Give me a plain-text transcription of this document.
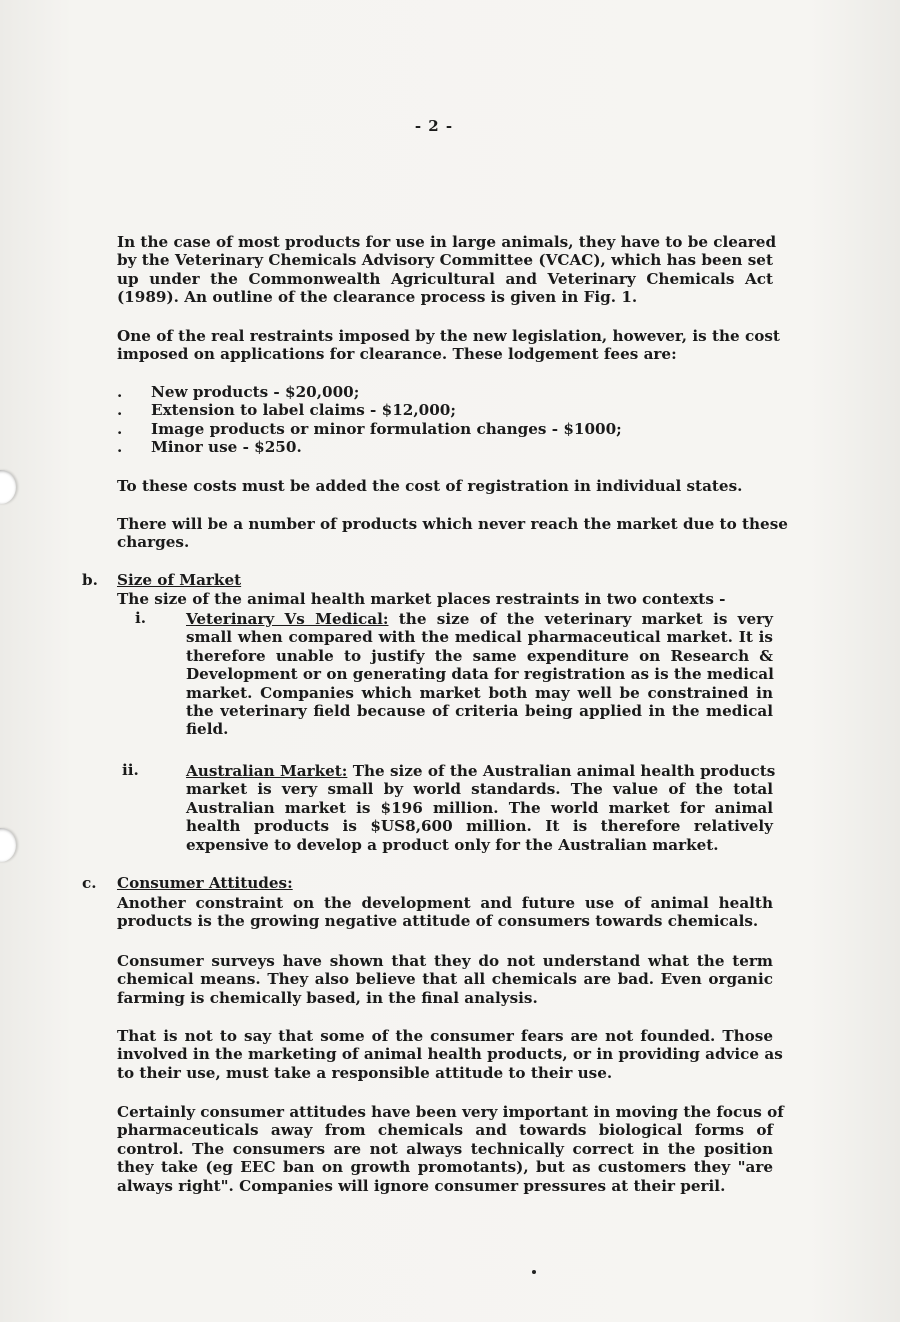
- 2 -
In the case of most products for use in large animals, they have to be cleared
by the Veterinary Chemicals Advisory Committee (VCAC), which has been set
up under the Commonwealth Agricultural and Veterinary Chemicals Act
(1989). An outline of the clearance process is given in Fig. 1.
One of the real restraints imposed by the new legislation, however, is the cost
imposed on applications for clearance. These lodgement fees are:
. New products - $20,000;
. Extension to label claims - $12,000;
. Image products or minor formulation changes - $1000;
. Minor use - $250.
To these costs must be added the cost of registration in individual states.
There will be a number of products which never reach the market due to these
charges.
b. Size of Market
The size of the animal health market places restraints in two contexts -
i.	Veterinary Vs Medical: the size of the veterinary market is very
small when compared with the medical pharmaceutical market. It is
therefore unable to justify the same expenditure on Research &
Development or on generating data for registration as is the medical
market. Companies which market both may well be constrained in
the veterinary field because of criteria being applied in the medical
field.
ii.	Australian Market: The size of the Australian animal health products
market is very small by world standards. The value of the total
Australian market is $196 million. The world market for animal
health products is $US8,600 million. It is therefore relatively
expensive to develop a product only for the Australian market.
c. Consumer Attitudes:
Another constraint on the development and future use of animal health
products is the growing negative attitude of consumers towards chemicals.
Consumer surveys have shown that they do not understand what the term
chemical means. They also believe that all chemicals are bad. Even organic
farming is chemically based, in the final analysis.
That is not to say that some of the consumer fears are not founded. Those
involved in the marketing of animal health products, or in providing advice as
to their use, must take a responsible attitude to their use.
Certainly consumer attitudes have been very important in moving the focus of
pharmaceuticals away from chemicals and towards biological forms of
control. The consumers are not always technically correct in the position
they take (eg EEC ban on growth promotants), but as customers they "are
always right". Companies will ignore consumer pressures at their peril.
